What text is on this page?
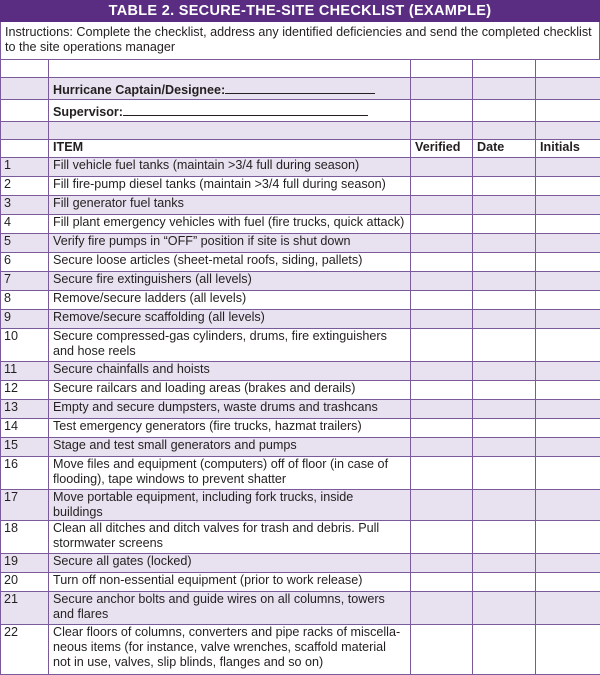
TABLE 2. SECURE-THE-SITE CHECKLIST (EXAMPLE)
Instructions: Complete the checklist, address any identified deficiencies and send the completed checklist to the site operations manager

	Hurricane Captain/Designee:			
	Supervisor:			

	ITEM	Verified	Date	Initials
1	Fill vehicle fuel tanks (maintain >3/4 full during season)			
2	Fill fire-pump diesel tanks (maintain >3/4 full during season)			
3	Fill generator fuel tanks			
4	Fill plant emergency vehicles with fuel (fire trucks, quick attack)			
5	Verify fire pumps in “OFF” position if site is shut down			
6	Secure loose articles (sheet-metal roofs, siding, pallets)			
7	Secure fire extinguishers (all levels)			
8	Remove/secure ladders (all levels)			
9	Remove/secure scaffolding (all levels)			
10	Secure compressed-gas cylinders, drums, fire extinguishers and hose reels			
11	Secure chainfalls and hoists			
12	Secure railcars and loading areas (brakes and derails)			
13	Empty and secure dumpsters, waste drums and trashcans			
14	Test emergency generators (fire trucks, hazmat trailers)			
15	Stage and test small generators and pumps			
16	Move files and equipment (computers) off of floor (in case of flooding), tape windows to prevent shatter			
17	Move portable equipment, including fork trucks, inside buildings			
18	Clean all ditches and ditch valves for trash and debris. Pull stormwater screens			
19	Secure all gates (locked)			
20	Turn off non-essential equipment (prior to work release)			
21	Secure anchor bolts and guide wires on all columns, towers and flares			
22	Clear floors of columns, converters and pipe racks of miscella-neous items (for instance, valve wrenches, scaffold material not in use, valves, slip blinds, flanges and so on)			
